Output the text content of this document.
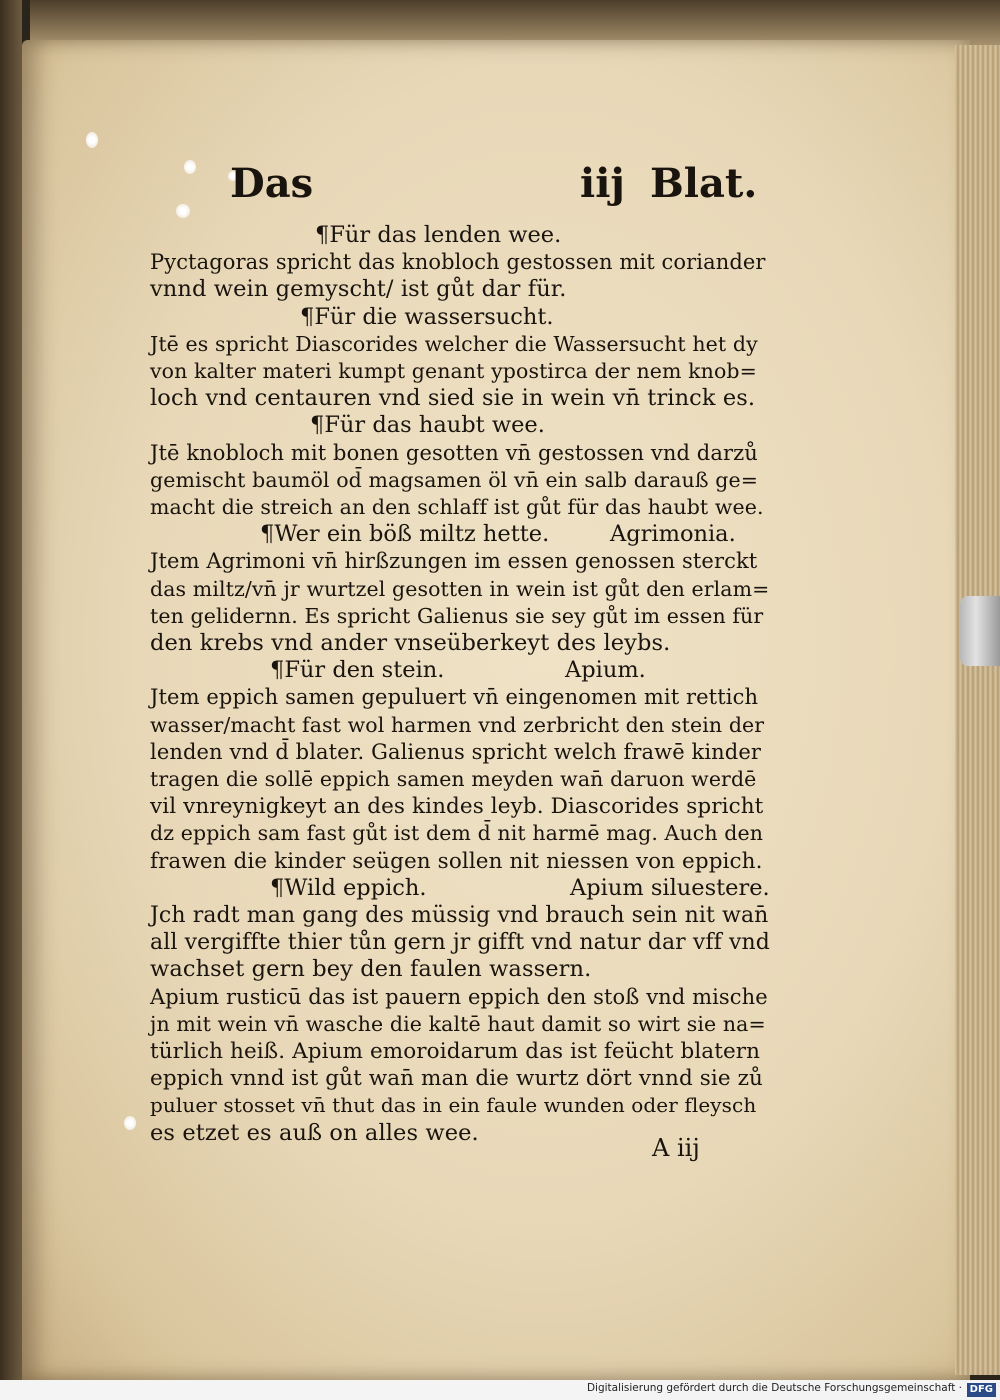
Das	iij Blat.
¶Für das lenden wee.
Pyctagoras spricht das knobloch gestossen mit coriander
vnnd wein gemyscht/ ist gůt dar für.
¶Für die wassersucht.
Jtē es spricht Diascorides welcher die Wassersucht het dy
von kalter materi kumpt genant ypostirca der nem knob=
loch vnd centauren vnd sied sie in wein vn̄ trinck es.
¶Für das haubt wee.
Jtē knobloch mit bonen gesotten vn̄ gestossen vnd darzů
gemischt baumöl od̄ magsamen öl vn̄ ein salb darauß ge=
macht die streich an den schlaff ist gůt für das haubt wee.
¶Wer ein böß miltz hette.	Agrimonia.
Jtem Agrimoni vn̄ hirßzungen im essen genossen sterckt
das miltz/vn̄ jr wurtzel gesotten in wein ist gůt den erlam=
ten gelidernn. Es spricht Galienus sie sey gůt im essen für
den krebs vnd ander vnseüberkeyt des leybs.
¶Für den stein.	Apium.
Jtem eppich samen gepuluert vn̄ eingenomen mit rettich
wasser/macht fast wol harmen vnd zerbricht den stein der
lenden vnd d̄ blater. Galienus spricht welch frawē kinder
tragen die sollē eppich samen meyden wan̄ daruon werdē
vil vnreynigkeyt an des kindes leyb. Diascorides spricht
dz eppich sam fast gůt ist dem d̄ nit harmē mag. Auch den
frawen die kinder seügen sollen nit niessen von eppich.
¶Wild eppich.	Apium siluestere.
Jch radt man gang des müssig vnd brauch sein nit wan̄
all vergiffte thier tůn gern jr gifft vnd natur dar vff vnd
wachset gern bey den faulen wassern.
Apium rusticū das ist pauern eppich den stoß vnd mische
jn mit wein vn̄ wasche die kaltē haut damit so wirt sie na=
türlich heiß. Apium emoroidarum das ist feücht blatern
eppich vnnd ist gůt wan̄ man die wurtz dört vnnd sie zů
puluer stosset vn̄ thut das in ein faule wunden oder fleysch
es etzet es auß on alles wee.
A iij
Digitalisierung gefördert durch die Deutsche Forschungsgemeinschaft · DFG
